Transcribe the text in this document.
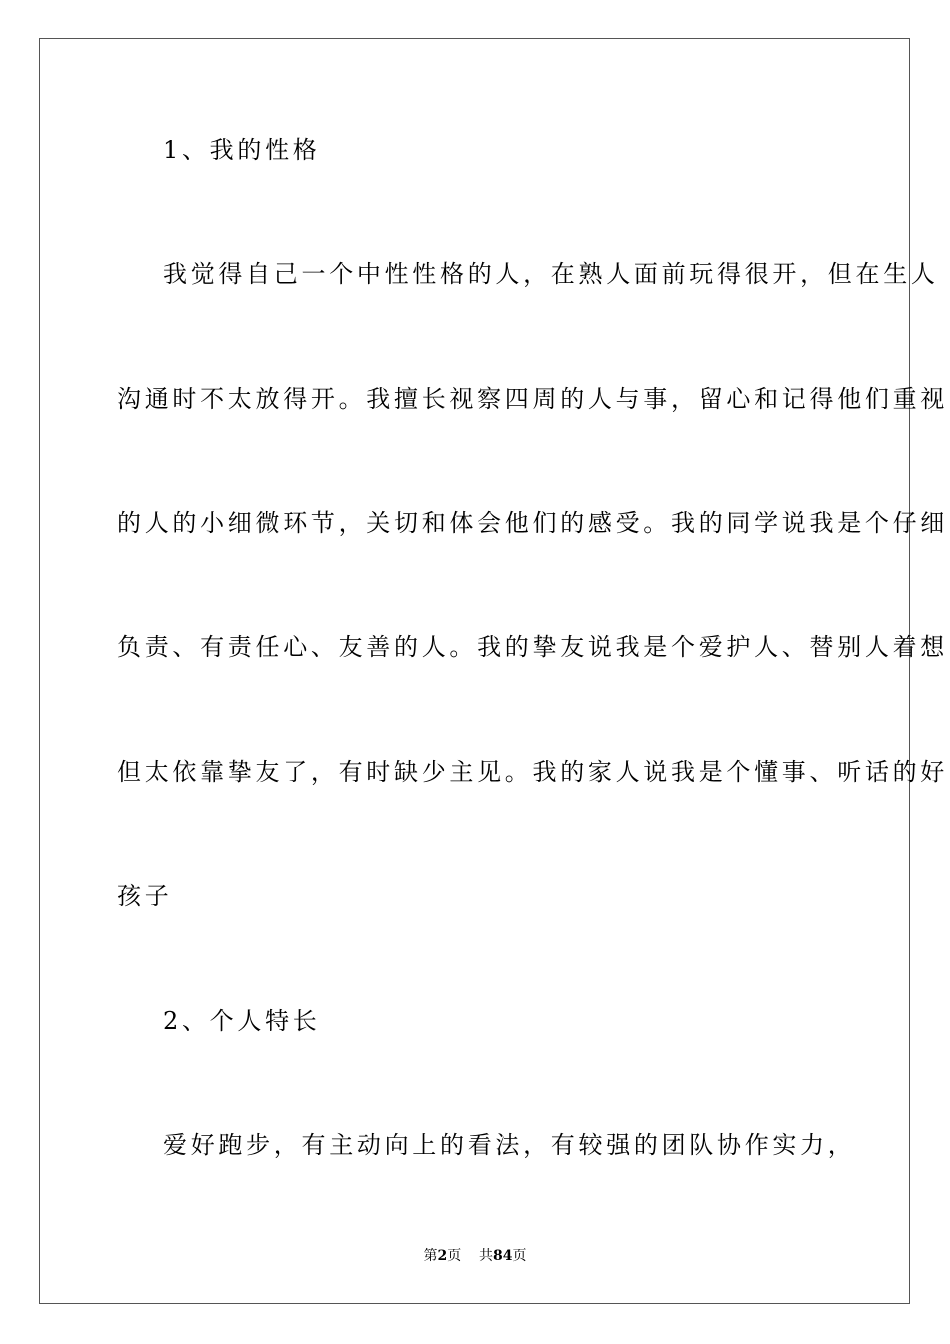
1、我的性格
我觉得自己一个中性性格的人，在熟人面前玩得很开，但在生人
沟通时不太放得开。我擅长视察四周的人与事，留心和记得他们重视
的人的小细微环节，关切和体会他们的感受。我的同学说我是个仔细
负责、有责任心、友善的人。我的挚友说我是个爱护人、替别人着想
但太依靠挚友了，有时缺少主见。我的家人说我是个懂事、听话的好
孩子
2、个人特长
爱好跑步，有主动向上的看法，有较强的团队协作实力，
第2页 共84页
